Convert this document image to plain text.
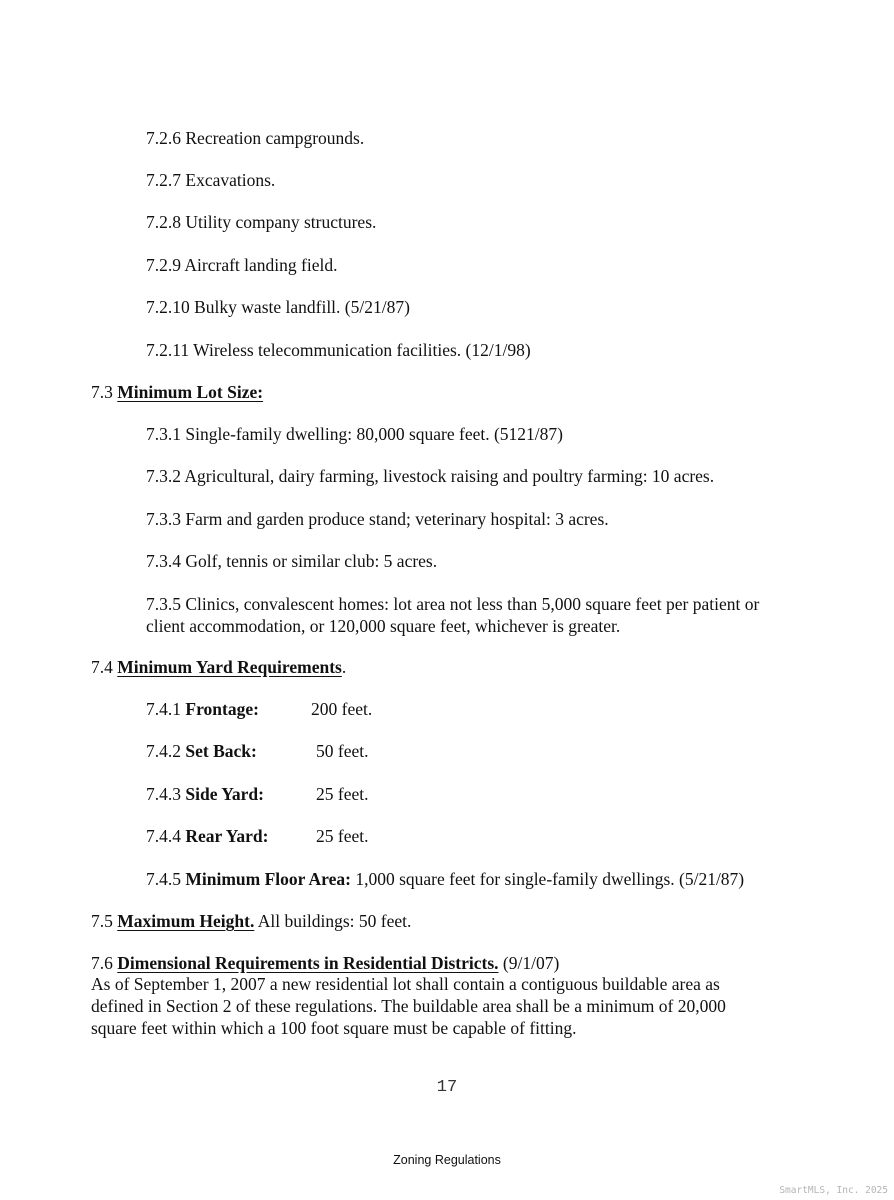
7.2.6 Recreation campgrounds.
7.2.7 Excavations.
7.2.8 Utility company structures.
7.2.9 Aircraft landing field.
7.2.10 Bulky waste landfill. (5/21/87)
7.2.11 Wireless telecommunication facilities. (12/1/98)
7.3 Minimum Lot Size:
7.3.1 Single-family dwelling: 80,000 square feet. (5121/87)
7.3.2 Agricultural, dairy farming, livestock raising and poultry farming: 10 acres.
7.3.3 Farm and garden produce stand; veterinary hospital: 3 acres.
7.3.4 Golf, tennis or similar club: 5 acres.
7.3.5 Clinics, convalescent homes: lot area not less than 5,000 square feet per patient or
client accommodation, or 120,000 square feet, whichever is greater.
7.4 Minimum Yard Requirements.
7.4.1 Frontage:	200 feet.
7.4.2 Set Back:	50 feet.
7.4.3 Side Yard:	25 feet.
7.4.4 Rear Yard:	25 feet.
7.4.5 Minimum Floor Area: 1,000 square feet for single-family dwellings. (5/21/87)
7.5 Maximum Height. All buildings: 50 feet.
7.6 Dimensional Requirements in Residential Districts. (9/1/07)
As of September 1, 2007 a new residential lot shall contain a contiguous buildable area as
defined in Section 2 of these regulations. The buildable area shall be a minimum of 20,000
square feet within which a 100 foot square must be capable of fitting.
17
Zoning Regulations
SmartMLS, Inc. 2025
